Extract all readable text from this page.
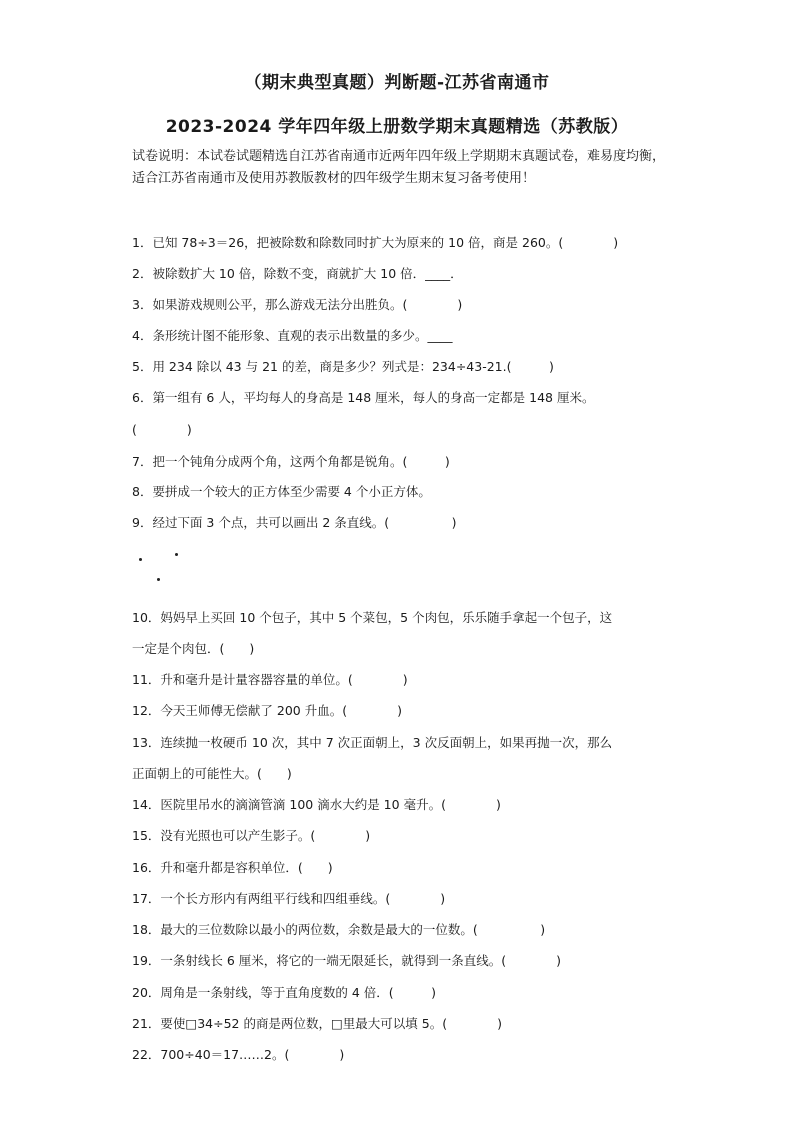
（期末典型真题）判断题-江苏省南通市
2023-2024 学年四年级上册数学期末真题精选（苏教版）
试卷说明：本试卷试题精选自江苏省南通市近两年四年级上学期期末真题试卷，难易度均衡，适合江苏省南通市及使用苏教版教材的四年级学生期末复习备考使用！
1．已知 78÷3＝26，把被除数和除数同时扩大为原来的 10 倍，商是 260。(　　　　)
2．被除数扩大 10 倍，除数不变，商就扩大 10 倍．____．
3．如果游戏规则公平，那么游戏无法分出胜负。(　　　　)
4．条形统计图不能形象、直观的表示出数量的多少。____
5．用 234 除以 43 与 21 的差，商是多少？列式是：234÷43-21.(　　　)
6．第一组有 6 人，平均每人的身高是 148 厘米，每人的身高一定都是 148 厘米。
(　　　　)
7．把一个钝角分成两个角，这两个角都是锐角。(　　　)
8．要拼成一个较大的正方体至少需要 4 个小正方体。
9．经过下面 3 个点，共可以画出 2 条直线。(　　　　　)
10．妈妈早上买回 10 个包子，其中 5 个菜包，5 个肉包，乐乐随手拿起一个包子，这
一定是个肉包．(　　)
11．升和毫升是计量容器容量的单位。(　　　　)
12．今天王师傅无偿献了 200 升血。(　　　　)
13．连续抛一枚硬币 10 次，其中 7 次正面朝上，3 次反面朝上，如果再抛一次，那么
正面朝上的可能性大。(　　)
14．医院里吊水的滴滴管滴 100 滴水大约是 10 毫升。(　　　　)
15．没有光照也可以产生影子。(　　　　)
16．升和毫升都是容积单位．(　　)
17．一个长方形内有两组平行线和四组垂线。(　　　　)
18．最大的三位数除以最小的两位数，余数是最大的一位数。(　　　　　)
19．一条射线长 6 厘米，将它的一端无限延长，就得到一条直线。(　　　　)
20．周角是一条射线，等于直角度数的 4 倍．(　　　)
21．要使□34÷52 的商是两位数，□里最大可以填 5。(　　　　)
22．700÷40＝17……2。(　　　　)
